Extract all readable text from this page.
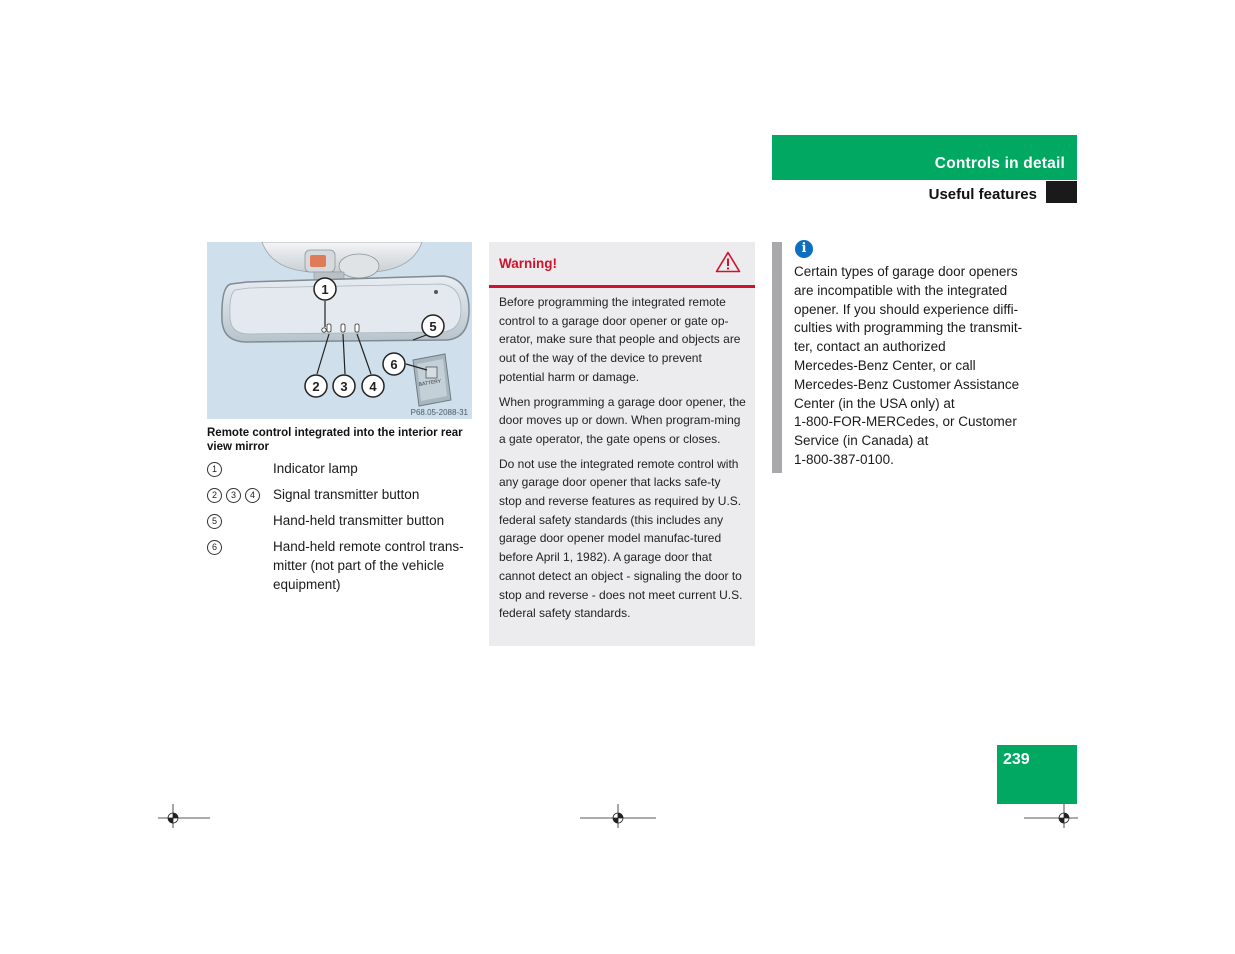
Controls in detail
Useful features
BATTERY
1
2 3 4
5
6
P68.05-2088-31
Remote control integrated into the interior rear view mirror
1	Indicator lamp
2	3	4	Signal transmitter button
5	Hand-held transmitter button
6	Hand-held remote control trans-
mitter (not part of the vehicle
equipment)
Warning!

Before programming the integrated remote control to a garage door opener or gate op-erator, make sure that people and objects are out of the way of the device to prevent potential harm or damage.

When programming a garage door opener, the door moves up or down. When program-ming a gate operator, the gate opens or closes.

Do not use the integrated remote control with any garage door opener that lacks safe-ty stop and reverse features as required by U.S. federal safety standards (this includes any garage door opener model manufac-tured before April 1, 1982). A garage door that cannot detect an object - signaling the door to stop and reverse - does not meet current U.S. federal safety standards.

i
Certain types of garage door openers
are incompatible with the integrated
opener. If you should experience diffi-
culties with programming the transmit-
ter, contact an authorized
Mercedes-Benz Center, or call
Mercedes-Benz Customer Assistance
Center (in the USA only) at
1-800-FOR-MERCedes, or Customer
Service (in Canada) at
1-800-387-0100.
239
